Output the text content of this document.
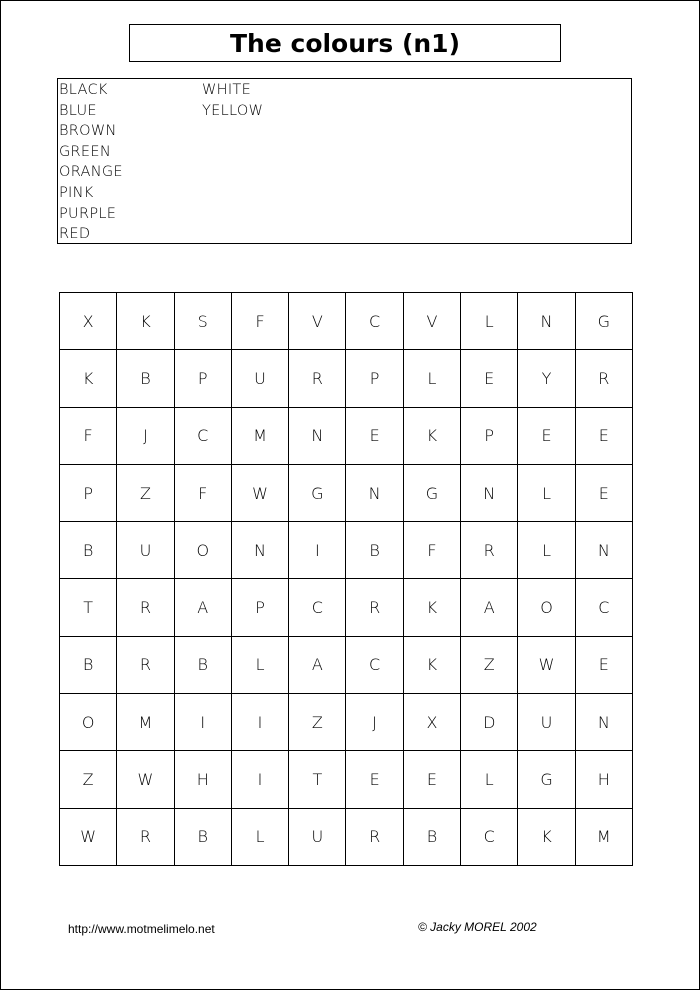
The colours (n1)
BLACK
BLUE
BROWN
GREEN
ORANGE
PINK
PURPLE
RED
WHITE
YELLOW
X	K	S	F	V	C	V	L	N	G
K	B	P	U	R	P	L	E	Y	R
F	J	C	M	N	E	K	P	E	E
P	Z	F	W	G	N	G	N	L	E
B	U	O	N	I	B	F	R	L	N
T	R	A	P	C	R	K	A	O	C
B	R	B	L	A	C	K	Z	W	E
O	M	I	I	Z	J	X	D	U	N
Z	W	H	I	T	E	E	L	G	H
W	R	B	L	U	R	B	C	K	M
http://www.motmelimelo.net	© Jacky MOREL 2002
